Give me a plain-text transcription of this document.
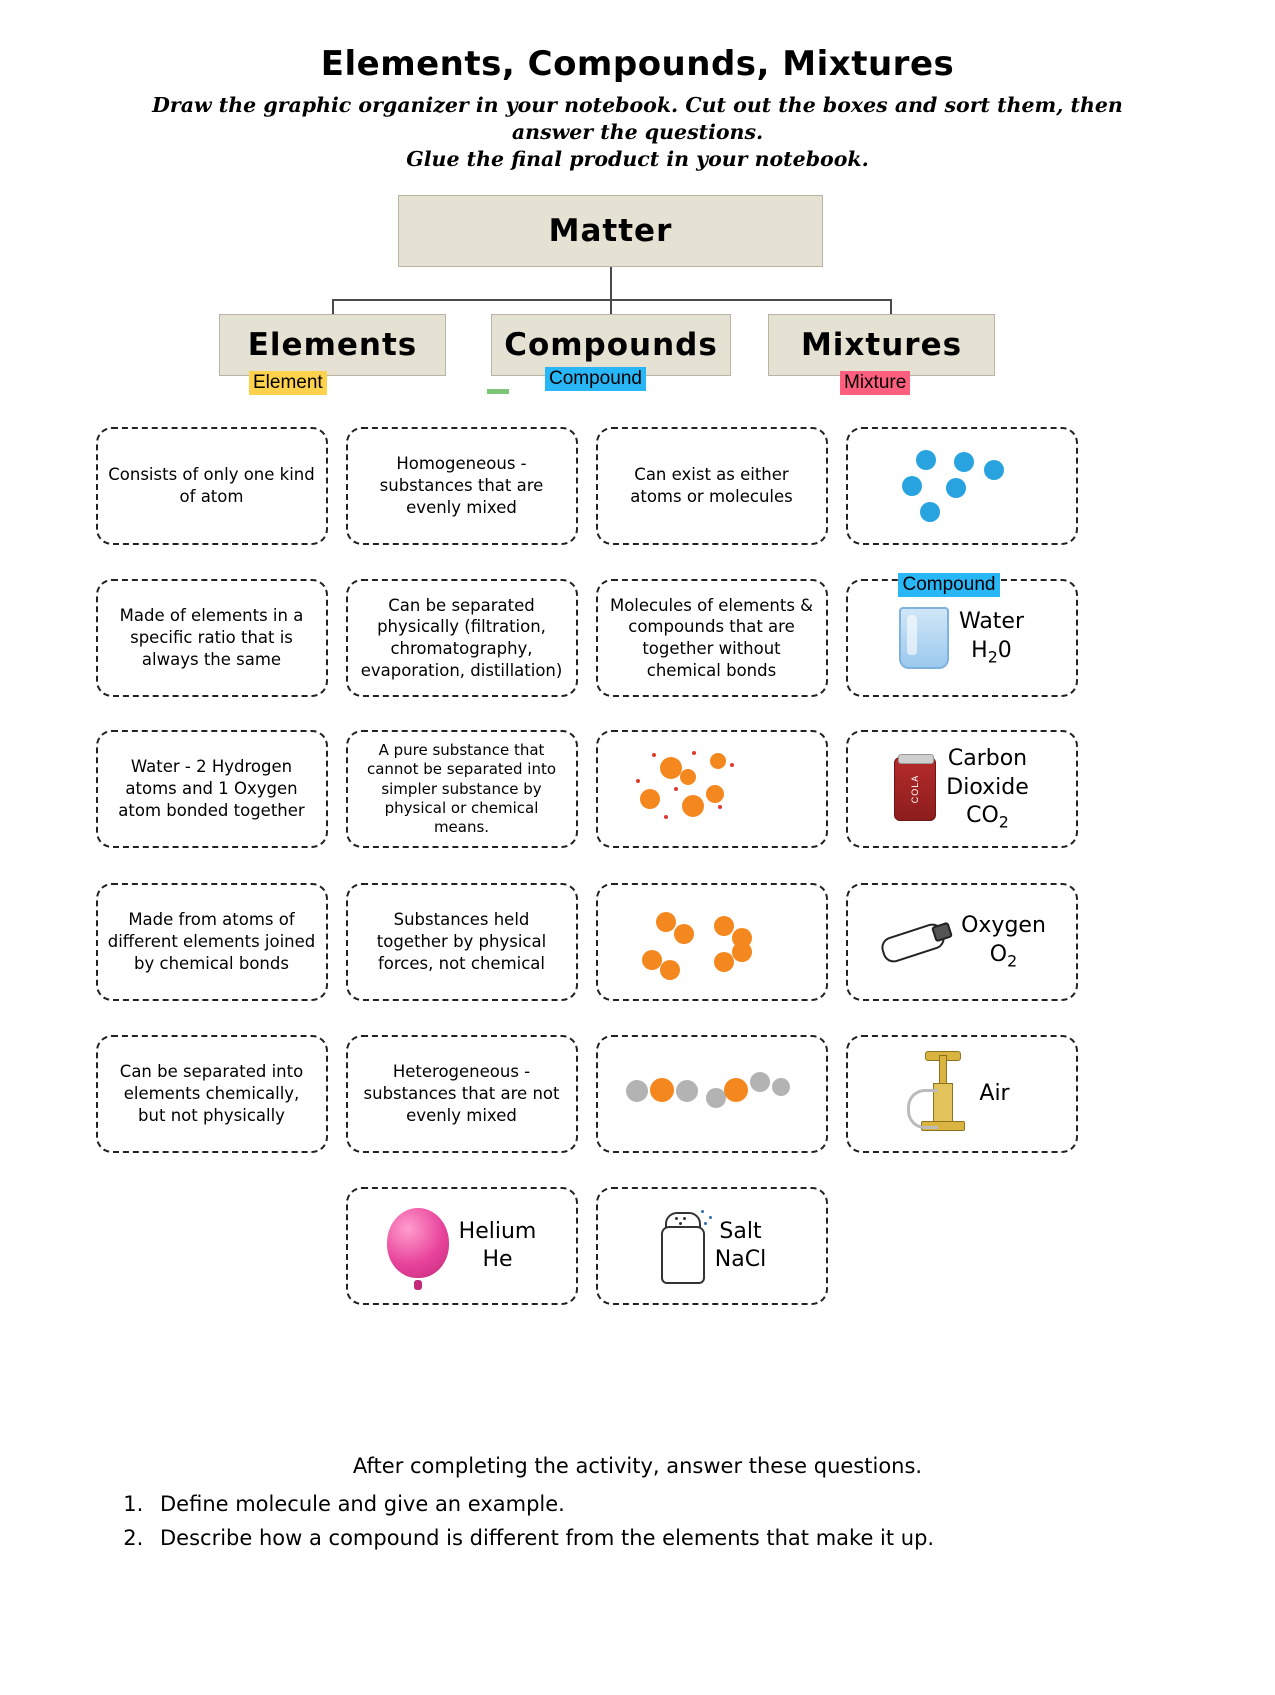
Elements, Compounds, Mixtures
Draw the graphic organizer in your notebook. Cut out the boxes and sort them, then answer the questions.
Glue the final product in your notebook.
Matter
Elements	Compounds	Mixtures
Element	Compound	Mixture
Consists of only one kind of atom
Made of elements in a specific ratio that is always the same
Water - 2 Hydrogen atoms and 1 Oxygen atom bonded together
Made from atoms of different elements joined by chemical bonds
Can be separated into elements chemically, but not physically
Homogeneous - substances that are evenly mixed
Can be separated physically (filtration, chromatography, evaporation, distillation)
A pure substance that cannot be separated into simpler substance by physical or chemical means.
Substances held together by physical forces, not chemical
Heterogeneous - substances that are not evenly mixed
Helium
He
Can exist as either atoms or molecules
Molecules of elements & compounds that are together without chemical bonds
Salt
NaCl
Compound
Water
$H_20$
COLA
Carbon
Dioxide
$CO_2$
Oxygen
$O_2$
Air
After completing the activity, answer these questions.
1. Define molecule and give an example.
2. Describe how a compound is different from the elements that make it up.
